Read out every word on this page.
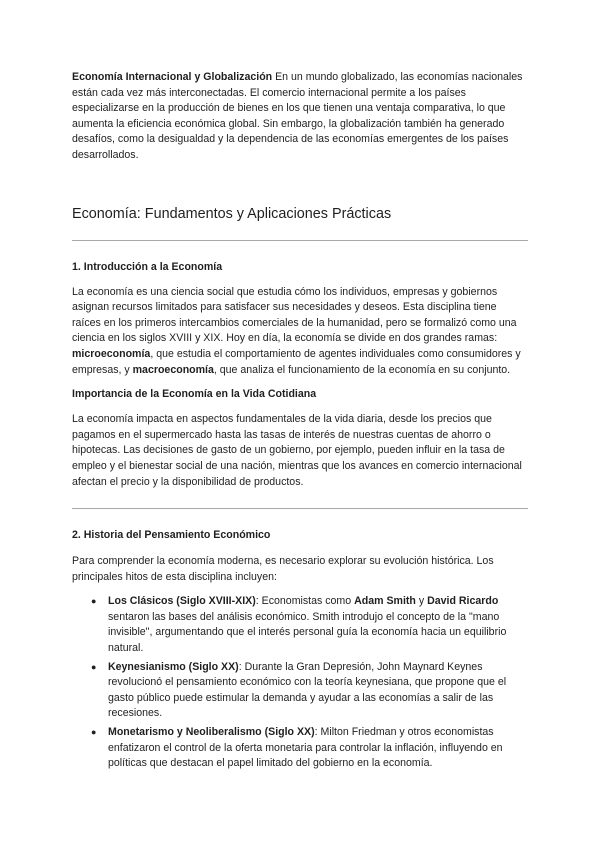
Economía Internacional y Globalización En un mundo globalizado, las economías nacionales están cada vez más interconectadas. El comercio internacional permite a los países especializarse en la producción de bienes en los que tienen una ventaja comparativa, lo que aumenta la eficiencia económica global. Sin embargo, la globalización también ha generado desafíos, como la desigualdad y la dependencia de las economías emergentes de los países desarrollados.

Economía: Fundamentos y Aplicaciones Prácticas
1. Introducción a la Economía

La economía es una ciencia social que estudia cómo los individuos, empresas y gobiernos asignan recursos limitados para satisfacer sus necesidades y deseos. Esta disciplina tiene raíces en los primeros intercambios comerciales de la humanidad, pero se formalizó como una ciencia en los siglos XVIII y XIX. Hoy en día, la economía se divide en dos grandes ramas: microeconomía, que estudia el comportamiento de agentes individuales como consumidores y empresas, y macroeconomía, que analiza el funcionamiento de la economía en su conjunto.

Importancia de la Economía en la Vida Cotidiana

La economía impacta en aspectos fundamentales de la vida diaria, desde los precios que pagamos en el supermercado hasta las tasas de interés de nuestras cuentas de ahorro o hipotecas. Las decisiones de gasto de un gobierno, por ejemplo, pueden influir en la tasa de empleo y el bienestar social de una nación, mientras que los avances en comercio internacional afectan el precio y la disponibilidad de productos.

2. Historia del Pensamiento Económico

Para comprender la economía moderna, es necesario explorar su evolución histórica. Los principales hitos de esta disciplina incluyen:

● Los Clásicos (Siglo XVIII-XIX): Economistas como Adam Smith y David Ricardo sentaron las bases del análisis económico. Smith introdujo el concepto de la "mano invisible", argumentando que el interés personal guía la economía hacia un equilibrio natural.
● Keynesianismo (Siglo XX): Durante la Gran Depresión, John Maynard Keynes revolucionó el pensamiento económico con la teoría keynesiana, que propone que el gasto público puede estimular la demanda y ayudar a las economías a salir de las recesiones.
● Monetarismo y Neoliberalismo (Siglo XX): Milton Friedman y otros economistas enfatizaron el control de la oferta monetaria para controlar la inflación, influyendo en políticas que destacan el papel limitado del gobierno en la economía.
